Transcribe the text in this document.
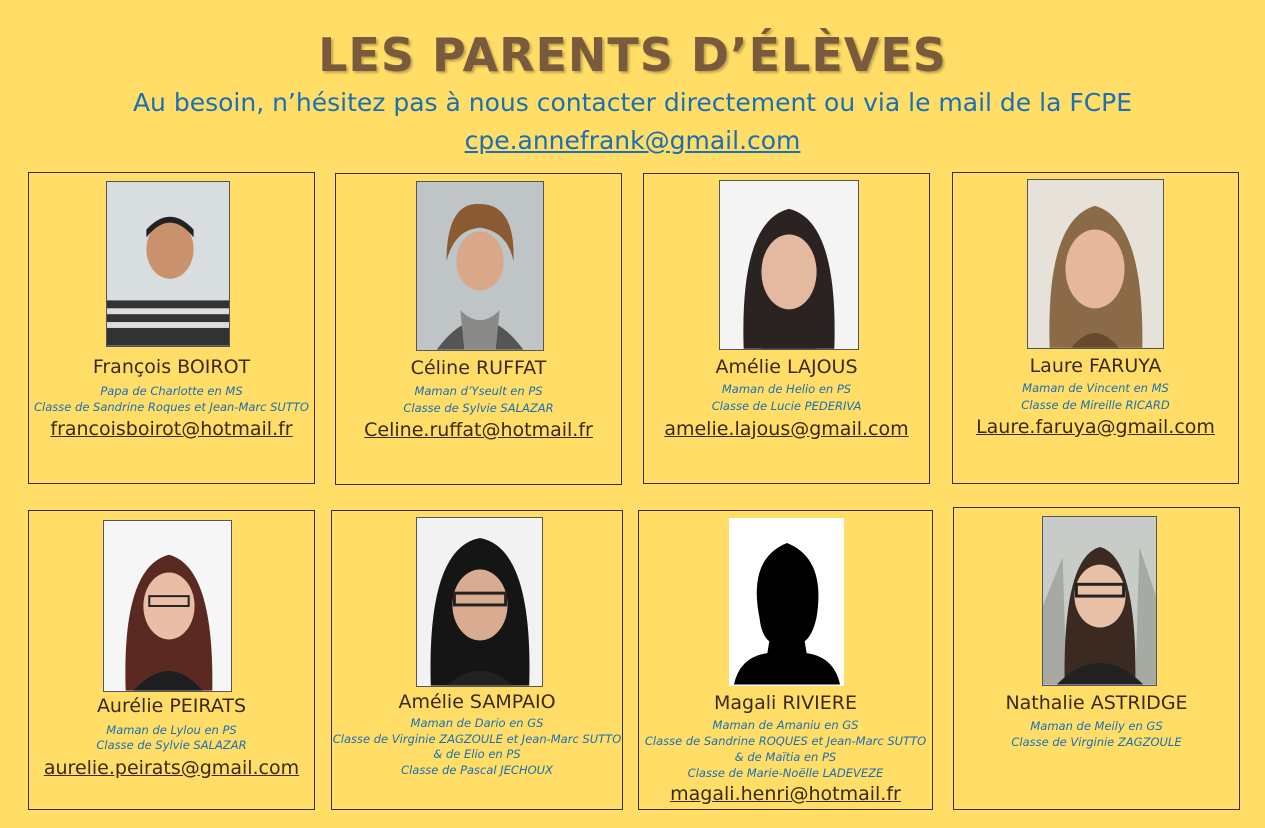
LES PARENTS D’ÉLÈVES
Au besoin, n’hésitez pas à nous contacter directement ou via le mail de la FCPE
cpe.annefrank@gmail.com
François BOIROT
Papa de Charlotte en MS
Classe de Sandrine Roques et Jean-Marc SUTTO
francoisboirot@hotmail.fr
Céline RUFFAT
Maman d’Yseult en PS
Classe de Sylvie SALAZAR
Celine.ruffat@hotmail.fr
Amélie LAJOUS
Maman de Helio en PS
Classe de Lucie PEDERIVA
amelie.lajous@gmail.com
Laure FARUYA
Maman de Vincent en MS
Classe de Mireille RICARD
Laure.faruya@gmail.com
Aurélie PEIRATS
Maman de Lylou en PS
Classe de Sylvie SALAZAR
aurelie.peirats@gmail.com
Amélie SAMPAIO
Maman de Dario en GS
Classe de Virginie ZAGZOULE et Jean-Marc SUTTO
& de Elio en PS
Classe de Pascal JECHOUX
Magali RIVIERE
Maman de Amaniu en GS
Classe de Sandrine ROQUES et Jean-Marc SUTTO
& de Maïtia en PS
Classe de Marie-Noëlle LADEVEZE
magali.henri@hotmail.fr
Nathalie ASTRIDGE
Maman de Meily en GS
Classe de Virginie ZAGZOULE
